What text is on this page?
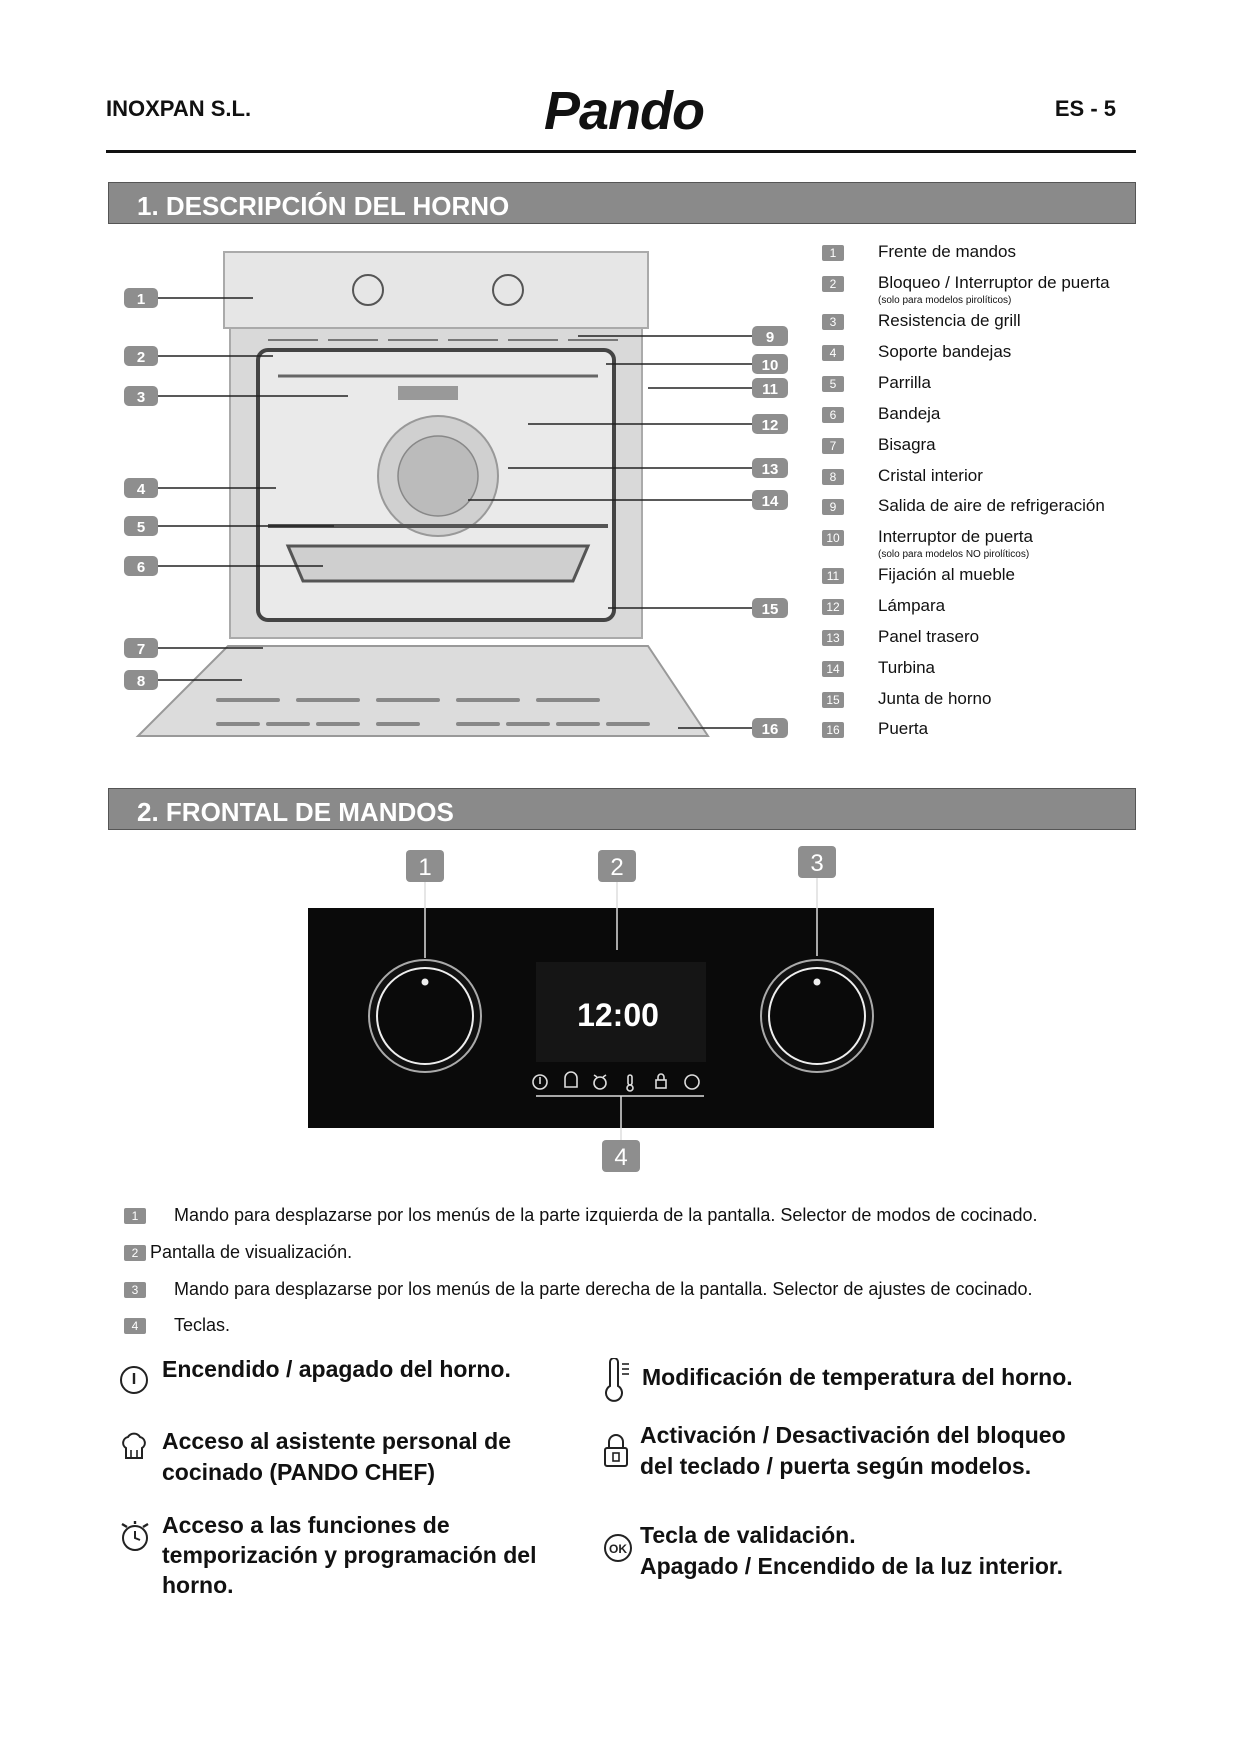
INOXPAN S.L.	Pando	ES - 5
1. DESCRIPCIÓN DEL HORNO
1
2
3
4
5
6
7
8
9
10
11
12
13
14
15
16
1	Frente de mandos
2	Bloqueo / Interruptor de puerta
(solo para modelos pirolíticos)
3	Resistencia de grill
4	Soporte bandejas
5	Parrilla
6	Bandeja
7	Bisagra
8	Cristal interior
9	Salida de aire de refrigeración
10 Interruptor de puerta
(solo para modelos NO pirolíticos)
11 Fijación al mueble
12 Lámpara
13 Panel trasero
14 Turbina
15 Junta de horno
16 Puerta
2. FRONTAL DE MANDOS
1	2	3
4
12:00
1	Mando para desplazarse por los menús de la parte izquierda de la pantalla. Selector de modos de cocinado.
2 Pantalla de visualización.
3	Mando para desplazarse por los menús de la parte derecha de la pantalla. Selector de ajustes de cocinado.
4	Teclas.
Encendido / apagado del horno.
Acceso al asistente personal de
cocinado (PANDO CHEF)
Acceso a las funciones de
temporización y programación del
horno.
Modificación de temperatura del horno.
Activación / Desactivación del bloqueo
del teclado / puerta según modelos.
OK
Tecla de validación.
Apagado / Encendido de la luz interior.
